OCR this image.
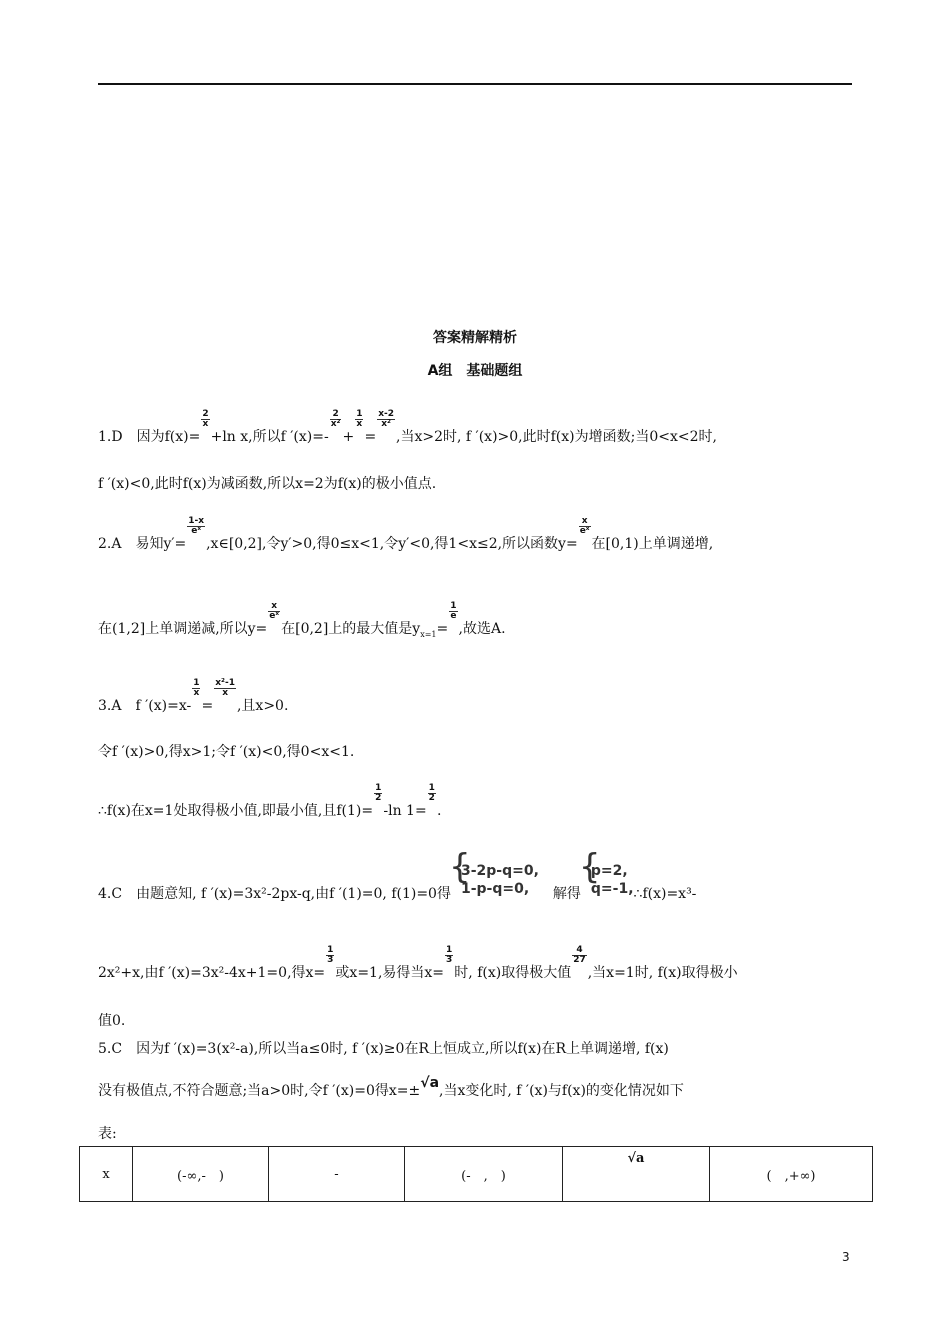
答案精解精析
A组　基础题组
1.D　因为f(x)=
$\frac{2}{x}$
+ln x,所以f ′(x)=-
$\frac{2}{\text{x²}}$
+
$\frac{1}{x}$
=
$\frac{x-2}{\text{x²}}$
,当x>2时, f ′(x)>0,此时f(x)为增函数;当0<x<2时,
f ′(x)<0,此时f(x)为减函数,所以x=2为f(x)的极小值点.
2.A　易知y′=
$\frac{1-x}{\text{eˣ}}$
,x∈[0,2],令y′>0,得0≤x<1,令y′<0,得1<x≤2,所以函数y=
$\frac{x}{\text{eˣ}}$
在[0,1)上单调递增,
在(1,2]上单调递减,所以y=
$\frac{x}{\text{eˣ}}$
在[0,2]上的最大值是$y_{x=1}=$
$\frac{1}{e}$
,故选A.
3.A　f ′(x)=x-
$\frac{1}{x}$
=
$\frac{\text{x²-1}}{x}$
,且x>0.
令f ′(x)>0,得x>1;令f ′(x)<0,得0<x<1.
∴f(x)在x=1处取得极小值,即最小值,且f(1)=
$\frac{1}{2}$
-ln 1=
$\frac{1}{2}$
.
4.C　由题意知, f ′(x)=3x²-2px-q,由f ′(1)=0, f(1)=0得
{ 3-2p-q=0,
1-p-q=0, 　解得
{ p=2,
q=-1, ∴f(x)=x³-
2x²+x,由f ′(x)=3x²-4x+1=0,得x=
$\frac{1}{3}$
或x=1,易得当x=
$\frac{1}{3}$
时, f(x)取得极大值
$\frac{4}{27}$
,当x=1时, f(x)取得极小
值0.
5.C　因为f ′(x)=3(x²-a),所以当a≤0时, f ′(x)≥0在R上恒成立,所以f(x)在R上单调递增, f(x)
没有极值点,不符合题意;当a>0时,令f ′(x)=0得x=±√a,当x变化时, f ′(x)与f(x)的变化情况如下
表:
x	(-∞,-　)	-	(-　,　)	√a	(　,+∞)
3
